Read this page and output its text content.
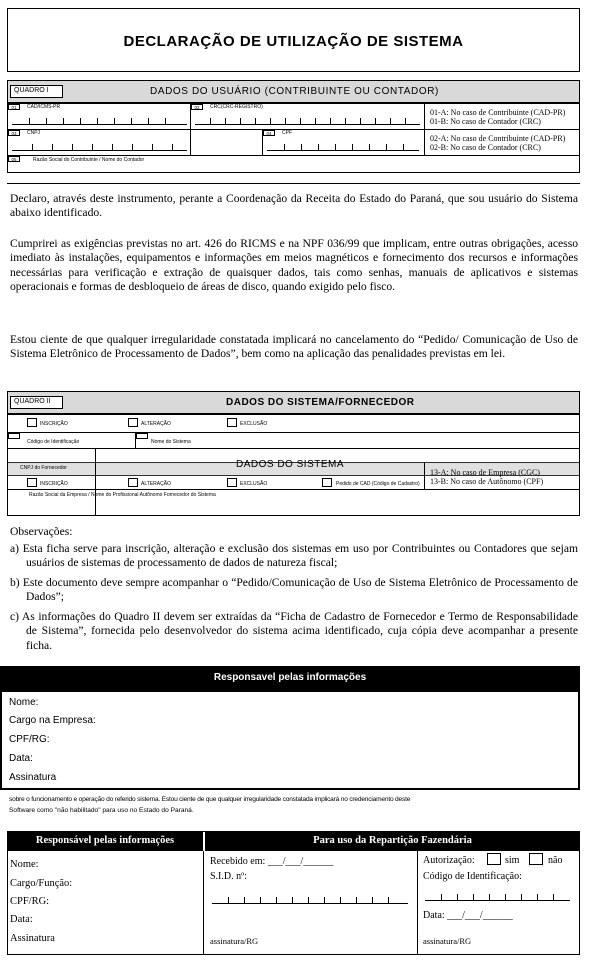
DECLARAÇÃO DE UTILIZAÇÃO DE SISTEMA
QUADRO I	DADOS DO USUÁRIO (CONTRIBUINTE OU CONTADOR)
01	CAD/ICMS-PR	02	CRC(CRC-REGISTRO)
01-A: No caso de Contribuinte (CAD-PR)
01-B: No caso de Contador (CRC)
03	CNPJ	04	CPF
02-A: No caso de Contribuinte (CAD-PR)
02-B: No caso de Contador (CRC)
05	Razão Social do Contribuinte / Nome do Contador
Declaro, através deste instrumento, perante a Coordenação da Receita do Estado do Paraná, que sou usuário do Sistema abaixo identificado.
Cumprirei as exigências previstas no art. 426 do RICMS e na NPF 036/99 que implicam, entre outras obrigações, acesso imediato às instalações, equipamentos e informações em meios magnéticos e fornecimento dos recursos e informações necessárias para verificação e extração de quaisquer dados, tais como senhas, manuais de aplicativos e sistemas operacionais e formas de desbloqueio de áreas de disco, quando exigido pelo fisco.
Estou ciente de que qualquer irregularidade constatada implicará no cancelamento do “Pedido/ Comunicação de Uso de Sistema Eletrônico de Processamento de Dados”, bem como na aplicação das penalidades previstas em lei.
QUADRO II	DADOS DO SISTEMA/FORNECEDOR
INSCRIÇÃO	ALTERAÇÃO	EXCLUSÃO
Código de Identificação	Nome do Sistema
DADOS DO SISTEMA
CNPJ do Fornecedor	13-A: No caso de Empresa (CGC)
13-B: No caso de Autônomo (CPF)
INSCRIÇÃO	ALTERAÇÃO	EXCLUSÃO	Pedido de CAD (Código de Cadastro)
Razão Social da Empresa / Nome do Profissional Autônomo Fornecedor do Sistema
Observações:
a) Esta ficha serve para inscrição, alteração e exclusão dos sistemas em uso por Contribuintes ou Contadores que sejam usuários de sistemas de processamento de dados de natureza fiscal;
b) Este documento deve sempre acompanhar o “Pedido/Comunicação de Uso de Sistema Eletrônico de Processamento de Dados”;
c) As informações do Quadro II devem ser extraídas da “Ficha de Cadastro de Fornecedor e Termo de Responsabilidade de Sistema”, fornecida pelo desenvolvedor do sistema acima identificado, cuja cópia deve acompanhar a presente ficha.
Responsavel pelas informações
Nome:
Cargo na Empresa:
CPF/RG:
Data:
Assinatura
sobre o funcionamento e operação do referido sistema. Estou ciente de que qualquer irregularidade constatada implicará no credenciamento deste
Software como "não habilitado" para uso no Estado do Paraná.
Responsável pelas informações	Para uso da Repartição Fazendária
Nome:
Cargo/Função:
CPF/RG:
Data:
Assinatura
Recebido em: ___/___/______
S.I.D. nº:
assinatura/RG
Autorização:	sim	não
Código de Identificação:
Data: ___/___/______
assinatura/RG
